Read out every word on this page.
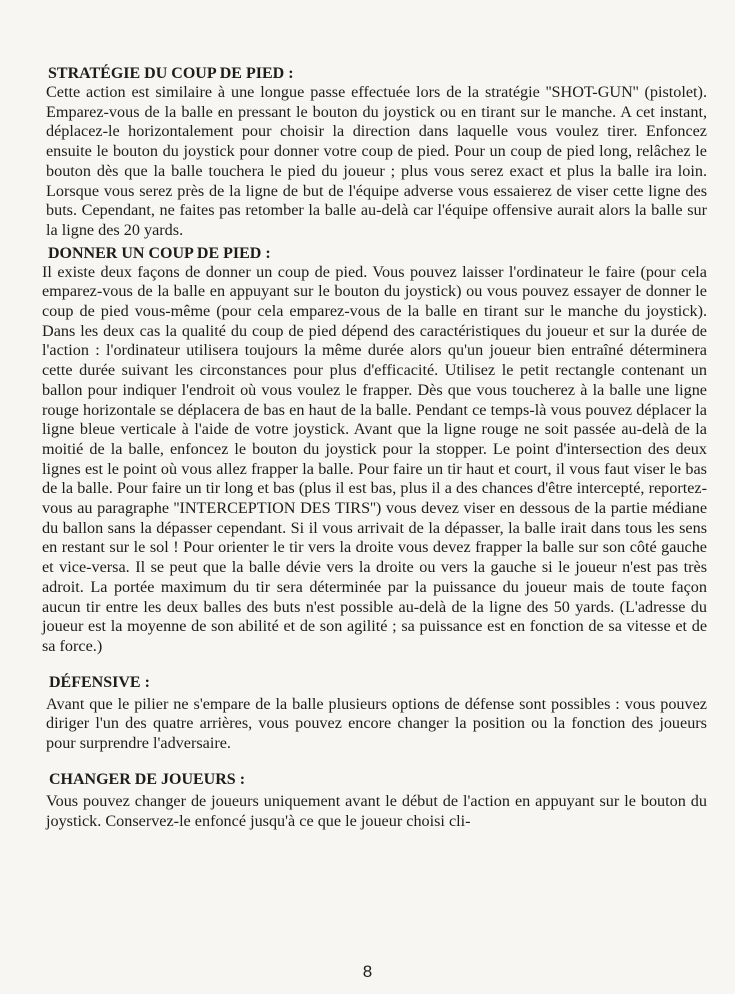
STRATÉGIE DU COUP DE PIED :

Cette action est similaire à une longue passe effectuée lors de la stratégie ''SHOT-GUN'' (pistolet). Emparez-vous de la balle en pressant le bouton du joystick ou en tirant sur le manche. A cet instant, déplacez-le horizontalement pour choisir la direction dans laquelle vous voulez tirer. Enfoncez ensuite le bouton du joystick pour donner votre coup de pied. Pour un coup de pied long, relâchez le bouton dès que la balle touchera le pied du joueur ; plus vous serez exact et plus la balle ira loin. Lorsque vous serez près de la ligne de but de l'équipe adverse vous essaierez de viser cette ligne des buts. Cependant, ne faites pas retomber la balle au-delà car l'équipe offensive aurait alors la balle sur la ligne des 20 yards.

DONNER UN COUP DE PIED :

Il existe deux façons de donner un coup de pied. Vous pouvez laisser l'ordinateur le faire (pour cela emparez-vous de la balle en appuyant sur le bouton du joystick) ou vous pouvez essayer de donner le coup de pied vous-même (pour cela emparez-vous de la balle en tirant sur le manche du joystick). Dans les deux cas la qualité du coup de pied dépend des caractéristiques du joueur et sur la durée de l'action : l'ordinateur utilisera toujours la même durée alors qu'un joueur bien entraîné déterminera cette durée suivant les circonstances pour plus d'efficacité. Utilisez le petit rectangle contenant un ballon pour indiquer l'endroit où vous voulez le frapper. Dès que vous toucherez à la balle une ligne rouge horizontale se déplacera de bas en haut de la balle. Pendant ce temps-là vous pouvez déplacer la ligne bleue verticale à l'aide de votre joystick. Avant que la ligne rouge ne soit passée au-delà de la moitié de la balle, enfoncez le bouton du joystick pour la stopper. Le point d'intersection des deux lignes est le point où vous allez frapper la balle. Pour faire un tir haut et court, il vous faut viser le bas de la balle. Pour faire un tir long et bas (plus il est bas, plus il a des chances d'être intercepté, reportez-vous au paragraphe ''INTERCEPTION DES TIRS'') vous devez viser en dessous de la partie médiane du ballon sans la dépasser cependant. Si il vous arrivait de la dépasser, la balle irait dans tous les sens en restant sur le sol ! Pour orienter le tir vers la droite vous devez frapper la balle sur son côté gauche et vice-versa. Il se peut que la balle dévie vers la droite ou vers la gauche si le joueur n'est pas très adroit. La portée maximum du tir sera déterminée par la puissance du joueur mais de toute façon aucun tir entre les deux balles des buts n'est possible au-delà de la ligne des 50 yards. (L'adresse du joueur est la moyenne de son abilité et de son agilité ; sa puissance est en fonction de sa vitesse et de sa force.)

DÉFENSIVE :

Avant que le pilier ne s'empare de la balle plusieurs options de défense sont possibles : vous pouvez diriger l'un des quatre arrières, vous pouvez encore changer la position ou la fonction des joueurs pour surprendre l'adversaire.

CHANGER DE JOUEURS :

Vous pouvez changer de joueurs uniquement avant le début de l'action en appuyant sur le bouton du joystick. Conservez-le enfoncé jusqu'à ce que le joueur choisi cli-

8
